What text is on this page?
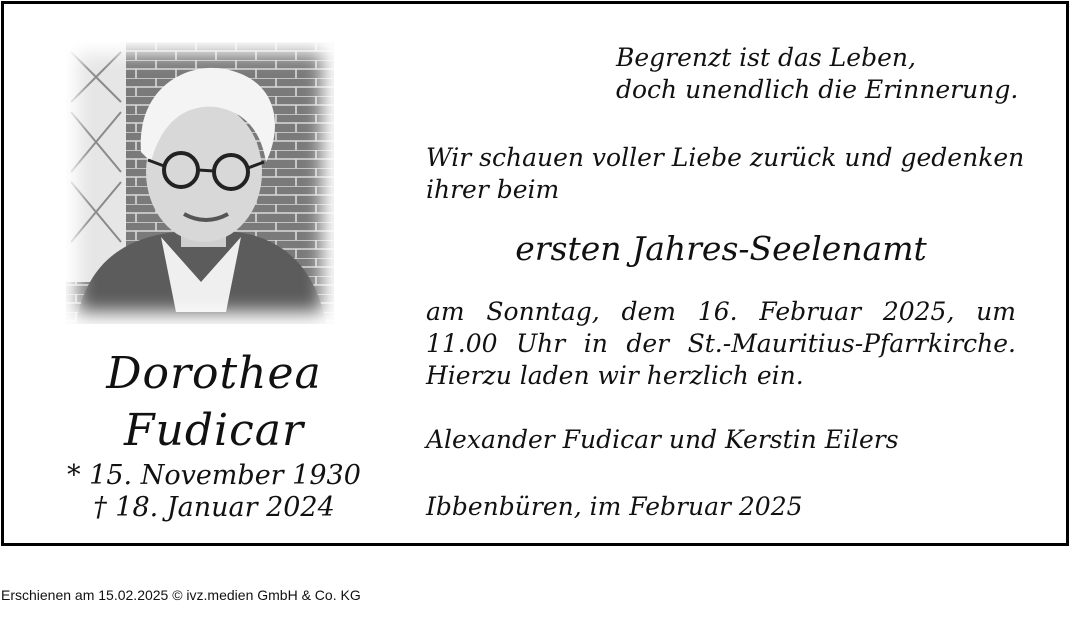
Dorothea
Fudicar
* 15. November 1930
† 18. Januar 2024
Begrenzt ist das Leben,
doch unendlich die Erinnerung.
Wir schauen voller Liebe zurück und gedenken
ihrer beim
ersten Jahres-Seelenamt
am Sonntag, dem 16. Februar 2025, um
11.00 Uhr in der St.-Mauritius-Pfarrkirche.
Hierzu laden wir herzlich ein.
Alexander Fudicar und Kerstin Eilers
Ibbenbüren, im Februar 2025
Erschienen am 15.02.2025 © ivz.medien GmbH & Co. KG
